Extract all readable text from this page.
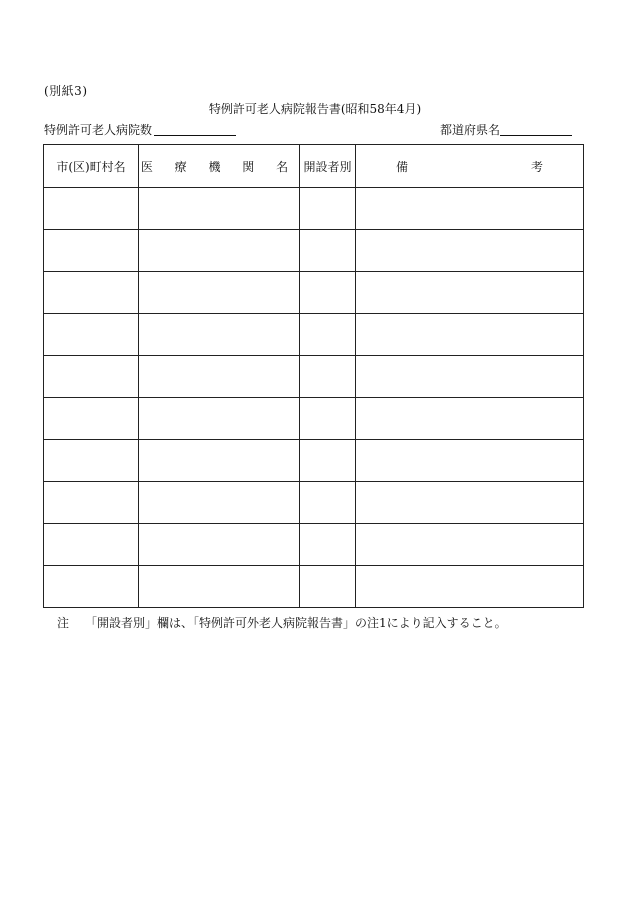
(別紙3)
特例許可老人病院報告書(昭和58年4月)
特例許可老人病院数	都道府県名
市(区)町村名	医 療 機 関 名	開設者別	備 考

注 「開設者別」欄は、「特例許可外老人病院報告書」の注1により記入すること。
